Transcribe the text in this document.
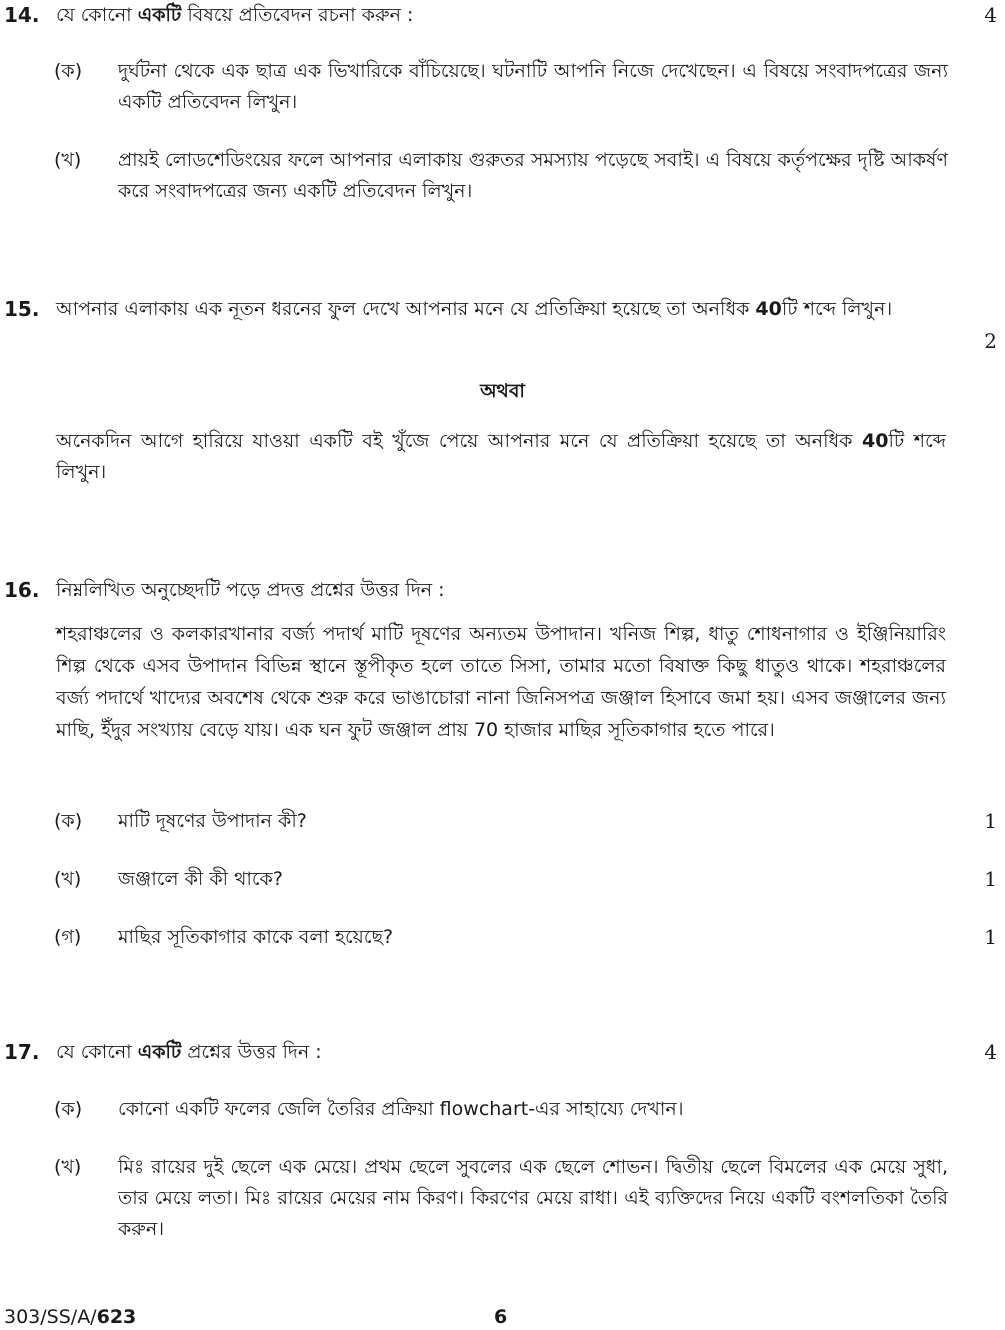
14. যে কোনো একটি বিষয়ে প্রতিবেদন রচনা করুন :	4
(ক)	দুর্ঘটনা থেকে এক ছাত্র এক ভিখারিকে বাঁচিয়েছে। ঘটনাটি আপনি নিজে দেখেছেন। এ বিষয়ে সংবাদপত্রের জন্য একটি প্রতিবেদন লিখুন।
(খ)	প্রায়ই লোডশেডিংয়ের ফলে আপনার এলাকায় গুরুতর সমস্যায় পড়েছে সবাই। এ বিষয়ে কর্তৃপক্ষের দৃষ্টি আকর্ষণ করে সংবাদপত্রের জন্য একটি প্রতিবেদন লিখুন।
15. আপনার এলাকায় এক নূতন ধরনের ফুল দেখে আপনার মনে যে প্রতিক্রিয়া হয়েছে তা অনধিক 40টি শব্দে লিখুন।
2
অথবা
অনেকদিন আগে হারিয়ে যাওয়া একটি বই খুঁজে পেয়ে আপনার মনে যে প্রতিক্রিয়া হয়েছে তা অনধিক 40টি শব্দে লিখুন।
16. নিম্নলিখিত অনুচ্ছেদটি পড়ে প্রদত্ত প্রশ্নের উত্তর দিন :
শহরাঞ্চলের ও কলকারখানার বর্জ্য পদার্থ মাটি দূষণের অন্যতম উপাদান। খনিজ শিল্প, ধাতু শোধনাগার ও ইঞ্জিনিয়ারিং শিল্প থেকে এসব উপাদান বিভিন্ন স্থানে স্তূপীকৃত হলে তাতে সিসা, তামার মতো বিষাক্ত কিছু ধাতুও থাকে। শহরাঞ্চলের বর্জ্য পদার্থে খাদ্যের অবশেষ থেকে শুরু করে ভাঙাচোরা নানা জিনিসপত্র জঞ্জাল হিসাবে জমা হয়। এসব জঞ্জালের জন্য মাছি, ইঁদুর সংখ্যায় বেড়ে যায়। এক ঘন ফুট জঞ্জাল প্রায় 70 হাজার মাছির সূতিকাগার হতে পারে।
(ক)	মাটি দূষণের উপাদান কী?	1
(খ)	জঞ্জালে কী কী থাকে?	1
(গ)	মাছির সূতিকাগার কাকে বলা হয়েছে?	1
17. যে কোনো একটি প্রশ্নের উত্তর দিন :	4
(ক)	কোনো একটি ফলের জেলি তৈরির প্রক্রিয়া flowchart-এর সাহায্যে দেখান।
(খ)	মিঃ রায়ের দুই ছেলে এক মেয়ে। প্রথম ছেলে সুবলের এক ছেলে শোভন। দ্বিতীয় ছেলে বিমলের এক মেয়ে সুধা, তার মেয়ে লতা। মিঃ রায়ের মেয়ের নাম কিরণ। কিরণের মেয়ে রাধা। এই ব্যক্তিদের নিয়ে একটি বংশলতিকা তৈরি করুন।
303/SS/A/623	6
